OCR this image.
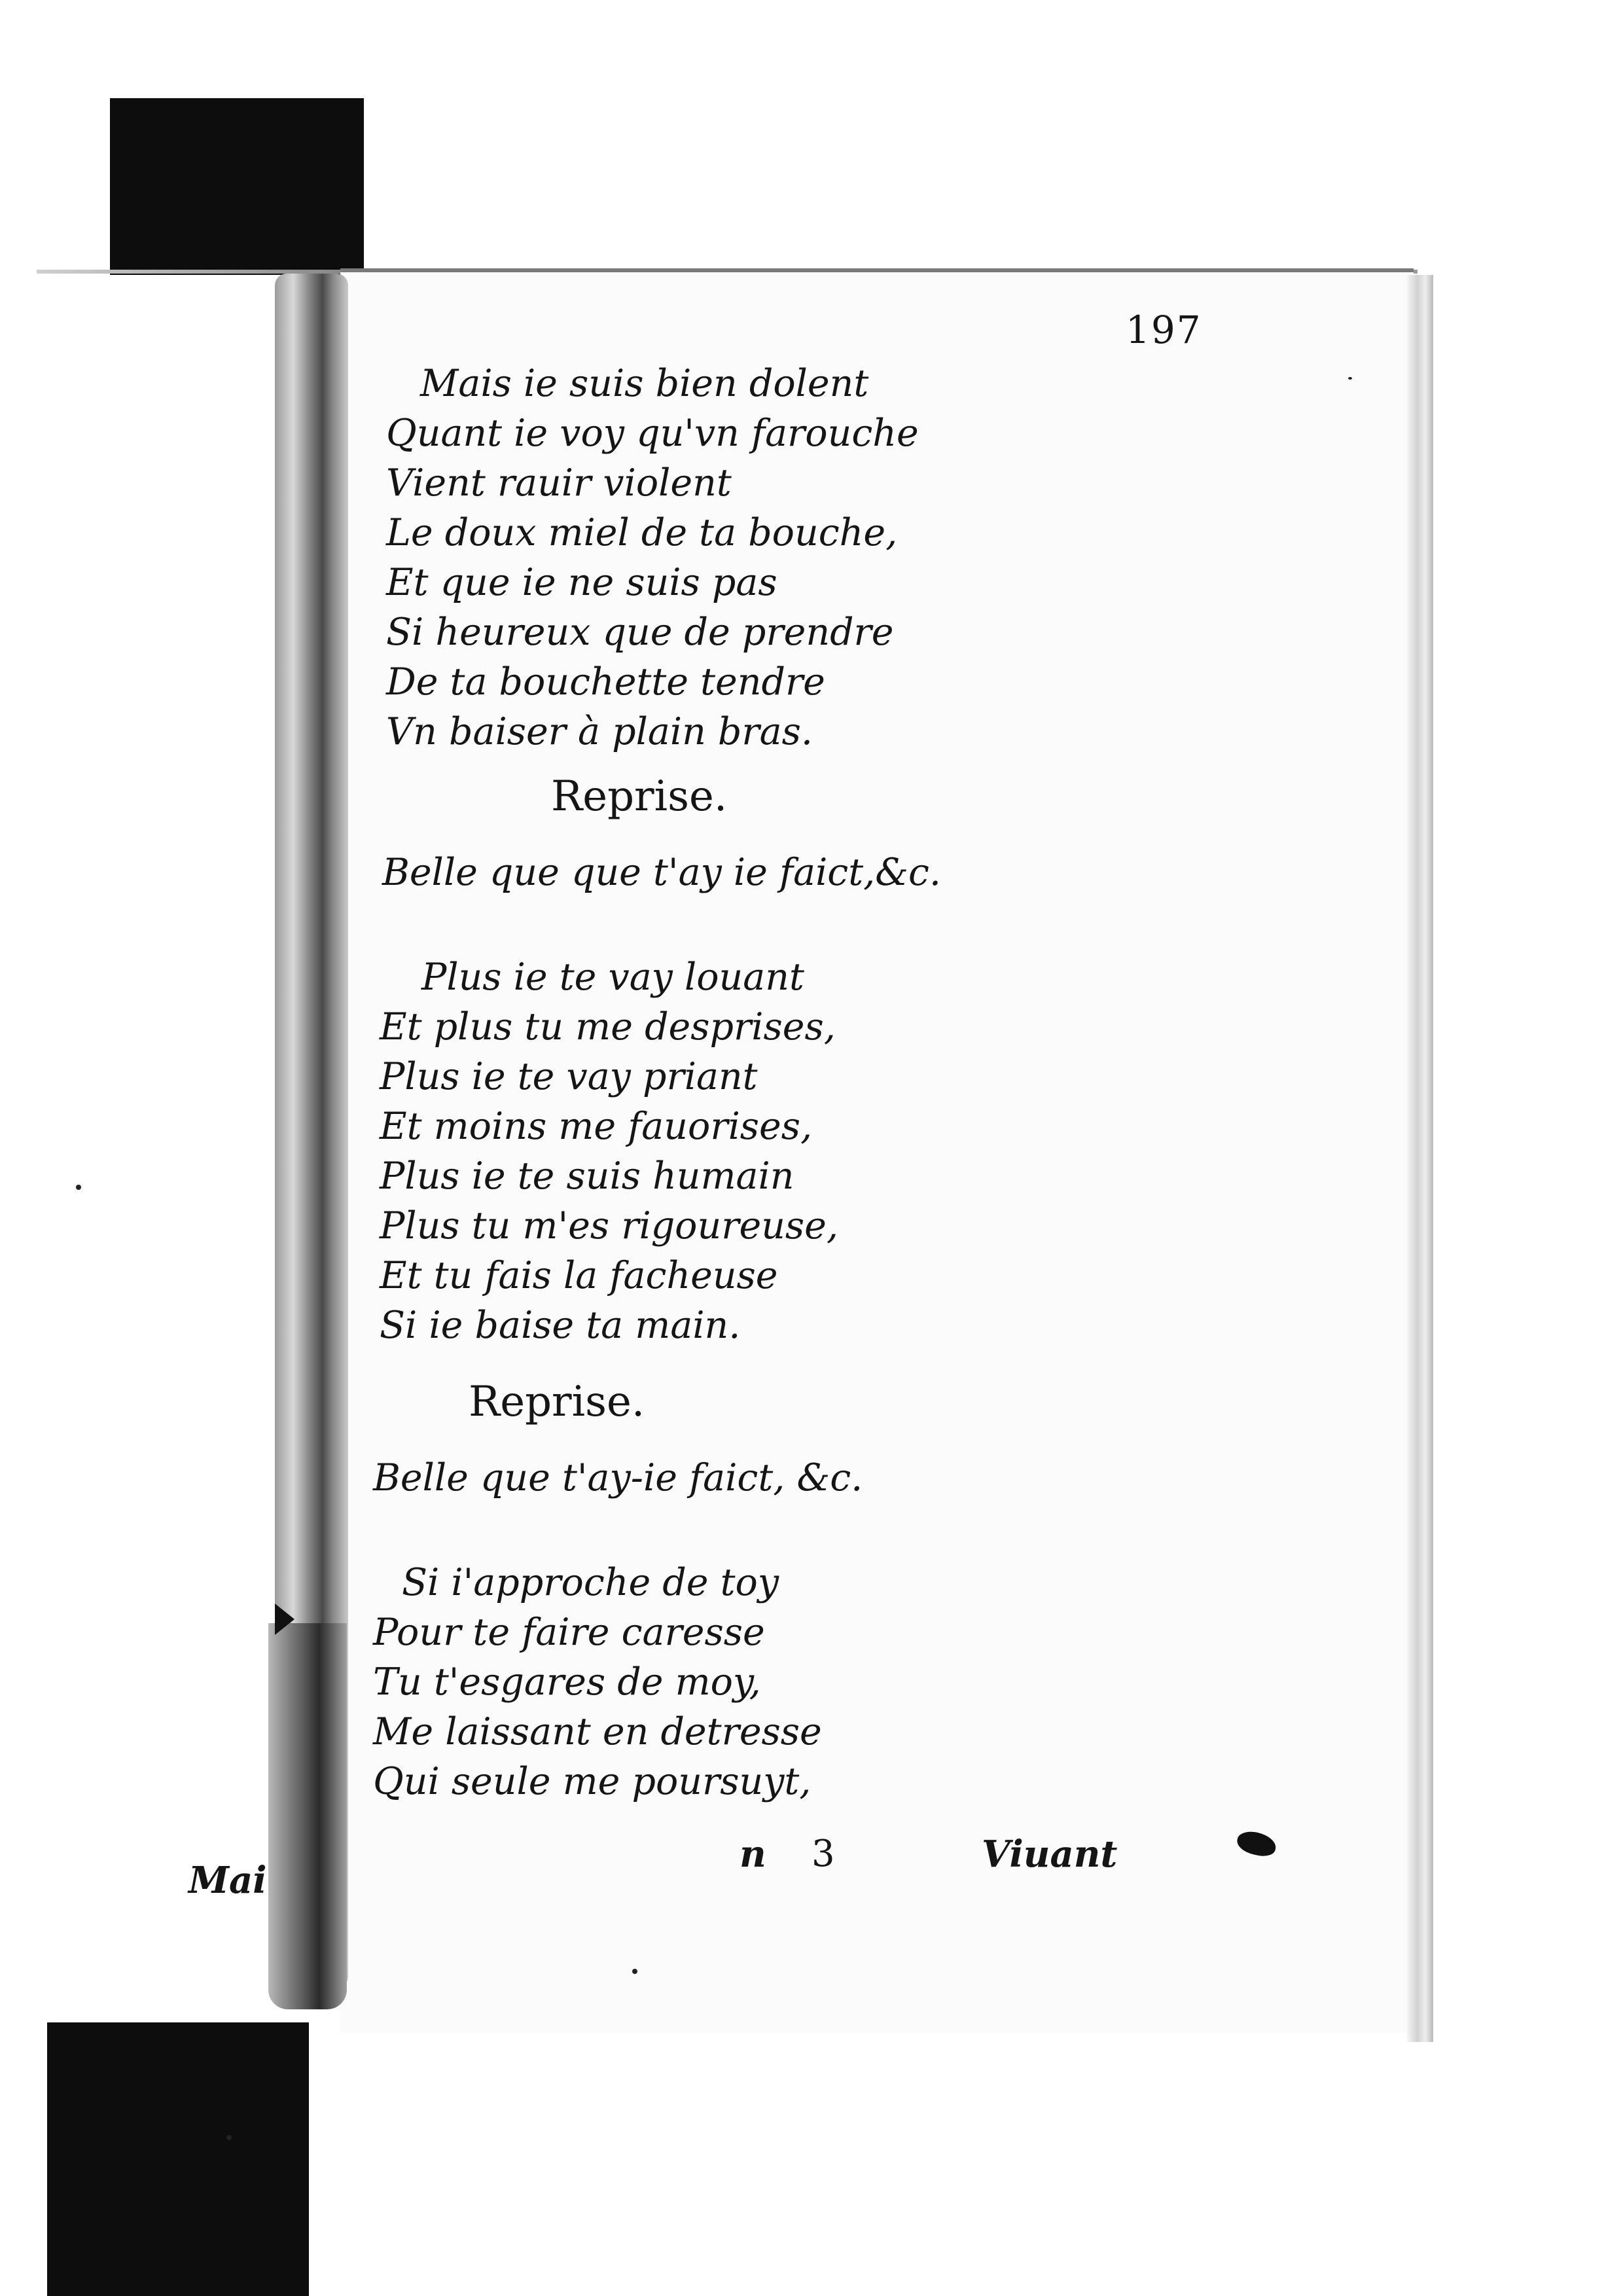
197
Mais ie suis bien dolent
Quant ie voy qu'vn farouche
Vient rauir violent
Le doux miel de ta bouche,
Et que ie ne suis pas
Si heureux que de prendre
De ta bouchette tendre
Vn baiser à plain bras.
Reprise.
Belle que que t'ay ie faict,&c.
Plus ie te vay louant
Et plus tu me desprises,
Plus ie te vay priant
Et moins me fauorises,
Plus ie te suis humain
Plus tu m'es rigoureuse,
Et tu fais la facheuse
Si ie baise ta main.
Reprise.
Belle que t'ay-ie faict, &c.
Si i'approche de toy
Pour te faire caresse
Tu t'esgares de moy,
Me laissant en detresse
Qui seule me poursuyt,
n 3	Viuant
Mai
